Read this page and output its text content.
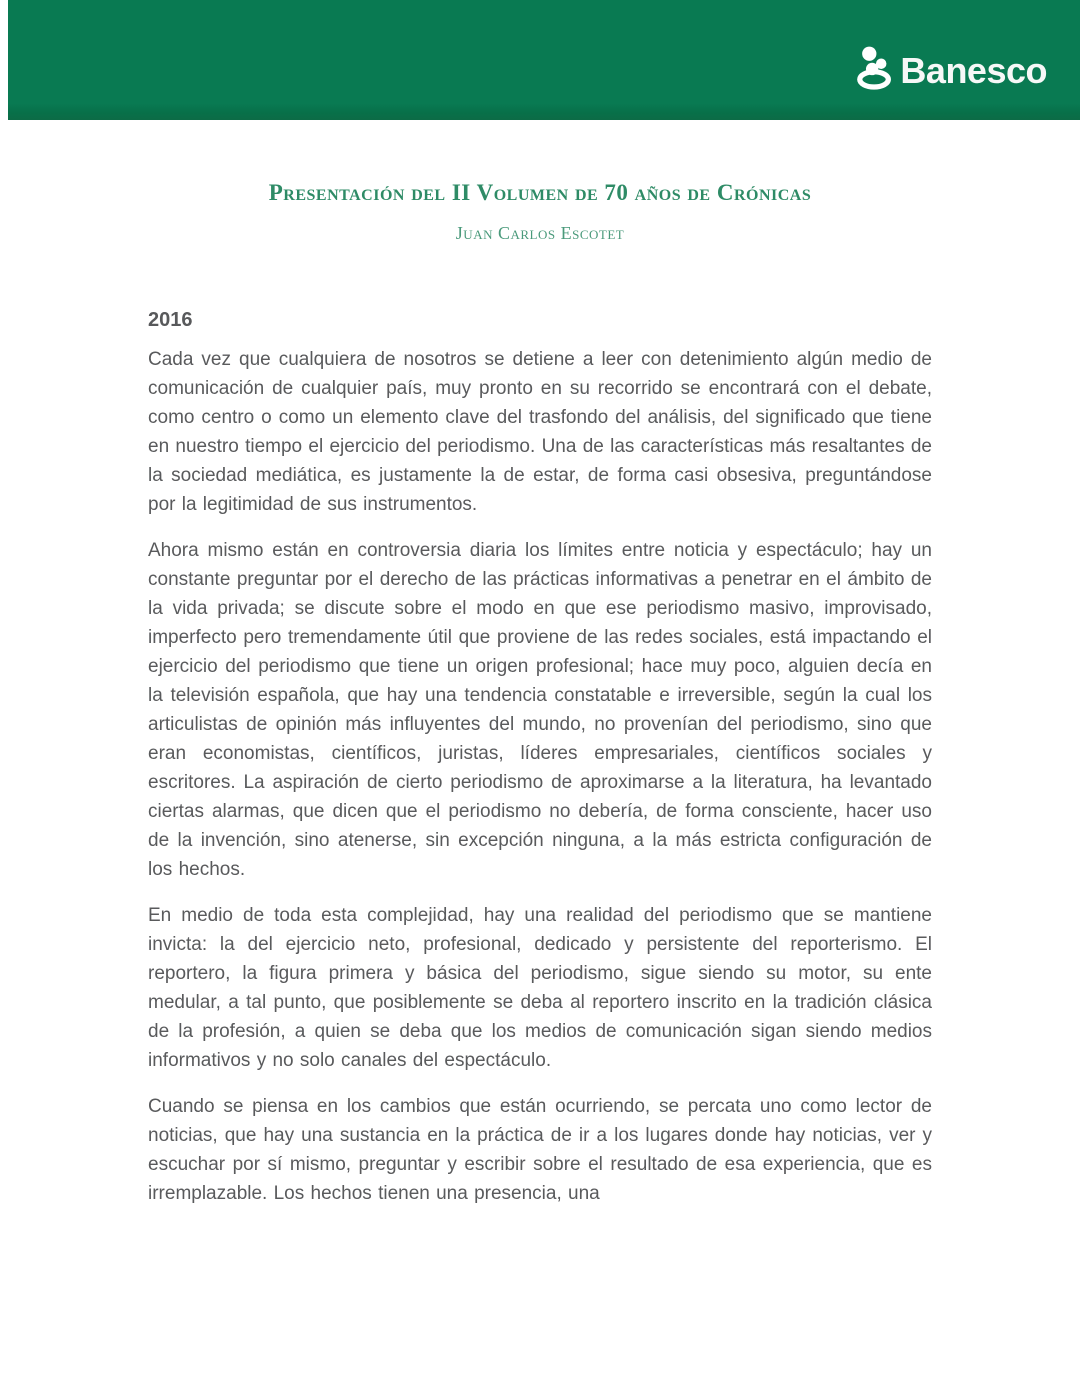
Banesco
Presentación del II Volumen de 70 años de Crónicas
Juan Carlos Escotet
2016

Cada vez que cualquiera de nosotros se detiene a leer con detenimiento algún medio de comunicación de cualquier país, muy pronto en su recorrido se encontrará con el debate, como centro o como un elemento clave del trasfondo del análisis, del significado que tiene en nuestro tiempo el ejercicio del periodismo. Una de las características más resaltantes de la sociedad mediática, es justamente la de estar, de forma casi obsesiva, preguntándose por la legitimidad de sus instrumentos.

Ahora mismo están en controversia diaria los límites entre noticia y espectáculo; hay un constante preguntar por el derecho de las prácticas informativas a penetrar en el ámbito de la vida privada; se discute sobre el modo en que ese periodismo masivo, improvisado, imperfecto pero tremendamente útil que proviene de las redes sociales, está impactando el ejercicio del periodismo que tiene un origen profesional; hace muy poco, alguien decía en la televisión española, que hay una tendencia constatable e irreversible, según la cual los articulistas de opinión más influyentes del mundo, no provenían del periodismo, sino que eran economistas, científicos, juristas, líderes empresariales, científicos sociales y escritores. La aspiración de cierto periodismo de aproximarse a la literatura, ha levantado ciertas alarmas, que dicen que el periodismo no debería, de forma consciente, hacer uso de la invención, sino atenerse, sin excepción ninguna, a la más estricta configuración de los hechos.

En medio de toda esta complejidad, hay una realidad del periodismo que se mantiene invicta: la del ejercicio neto, profesional, dedicado y persistente del reporterismo. El reportero, la figura primera y básica del periodismo, sigue siendo su motor, su ente medular, a tal punto, que posiblemente se deba al reportero inscrito en la tradición clásica de la profesión, a quien se deba que los medios de comunicación sigan siendo medios informativos y no solo canales del espectáculo.

Cuando se piensa en los cambios que están ocurriendo, se percata uno como lector de noticias, que hay una sustancia en la práctica de ir a los lugares donde hay noticias, ver y escuchar por sí mismo, preguntar y escribir sobre el resultado de esa experiencia, que es irremplazable. Los hechos tienen una presencia, una
